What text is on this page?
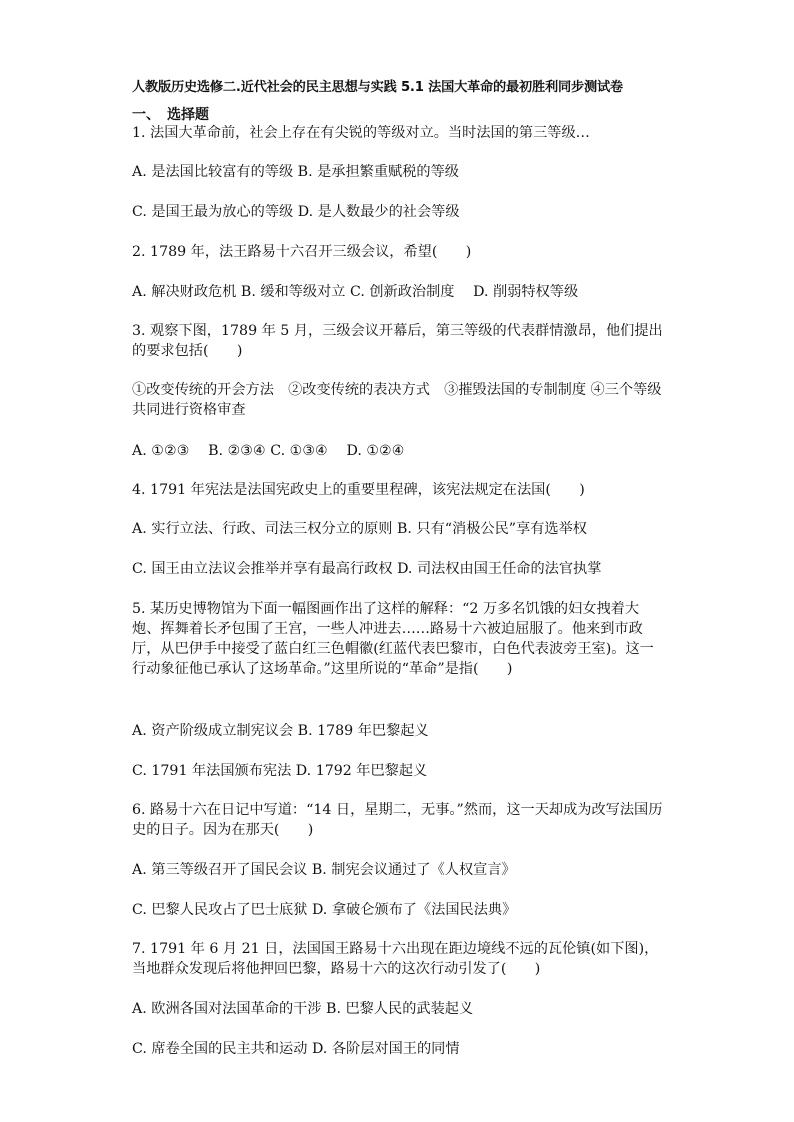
人教版历史选修二.近代社会的民主思想与实践 5.1 法国大革命的最初胜利同步测试卷
一、　选择题
1. 法国大革命前，社会上存在有尖锐的等级对立。当时法国的第三等级…
A. 是法国比较富有的等级 B. 是承担繁重赋税的等级
C. 是国王最为放心的等级 D. 是人数最少的社会等级
2. 1789 年，法王路易十六召开三级会议，希望(　　)
A. 解决财政危机 B. 缓和等级对立 C. 创新政治制度　 D. 削弱特权等级
3. 观察下图，1789 年 5 月，三级会议开幕后，第三等级的代表群情激昂，他们提出的要求包括(　　)
①改变传统的开会方法　②改变传统的表决方式　③摧毁法国的专制制度 ④三个等级共同进行资格审查
A. ①②③　 B. ②③④ C. ①③④　 D. ①②④
4. 1791 年宪法是法国宪政史上的重要里程碑，该宪法规定在法国(　　)
A. 实行立法、行政、司法三权分立的原则 B. 只有“消极公民”享有选举权
C. 国王由立法议会推举并享有最高行政权 D. 司法权由国王任命的法官执掌
5. 某历史博物馆为下面一幅图画作出了这样的解释：“2 万多名饥饿的妇女拽着大炮、挥舞着长矛包围了王宫，一些人冲进去……路易十六被迫屈服了。他来到市政厅，从巴伊手中接受了蓝白红三色帽徽(红蓝代表巴黎市，白色代表波旁王室)。这一行动象征他已承认了这场革命。”这里所说的“革命”是指(　　)
A. 资产阶级成立制宪议会 B. 1789 年巴黎起义
C. 1791 年法国颁布宪法 D. 1792 年巴黎起义
6. 路易十六在日记中写道：“14 日，星期二，无事。”然而，这一天却成为改写法国历史的日子。因为在那天(　　)
A. 第三等级召开了国民会议 B. 制宪会议通过了《人权宣言》
C. 巴黎人民攻占了巴士底狱 D. 拿破仑颁布了《法国民法典》
7. 1791 年 6 月 21 日，法国国王路易十六出现在距边境线不远的瓦伦镇(如下图)，当地群众发现后将他押回巴黎，路易十六的这次行动引发了(　　)
A. 欧洲各国对法国革命的干涉 B. 巴黎人民的武装起义
C. 席卷全国的民主共和运动 D. 各阶层对国王的同情
